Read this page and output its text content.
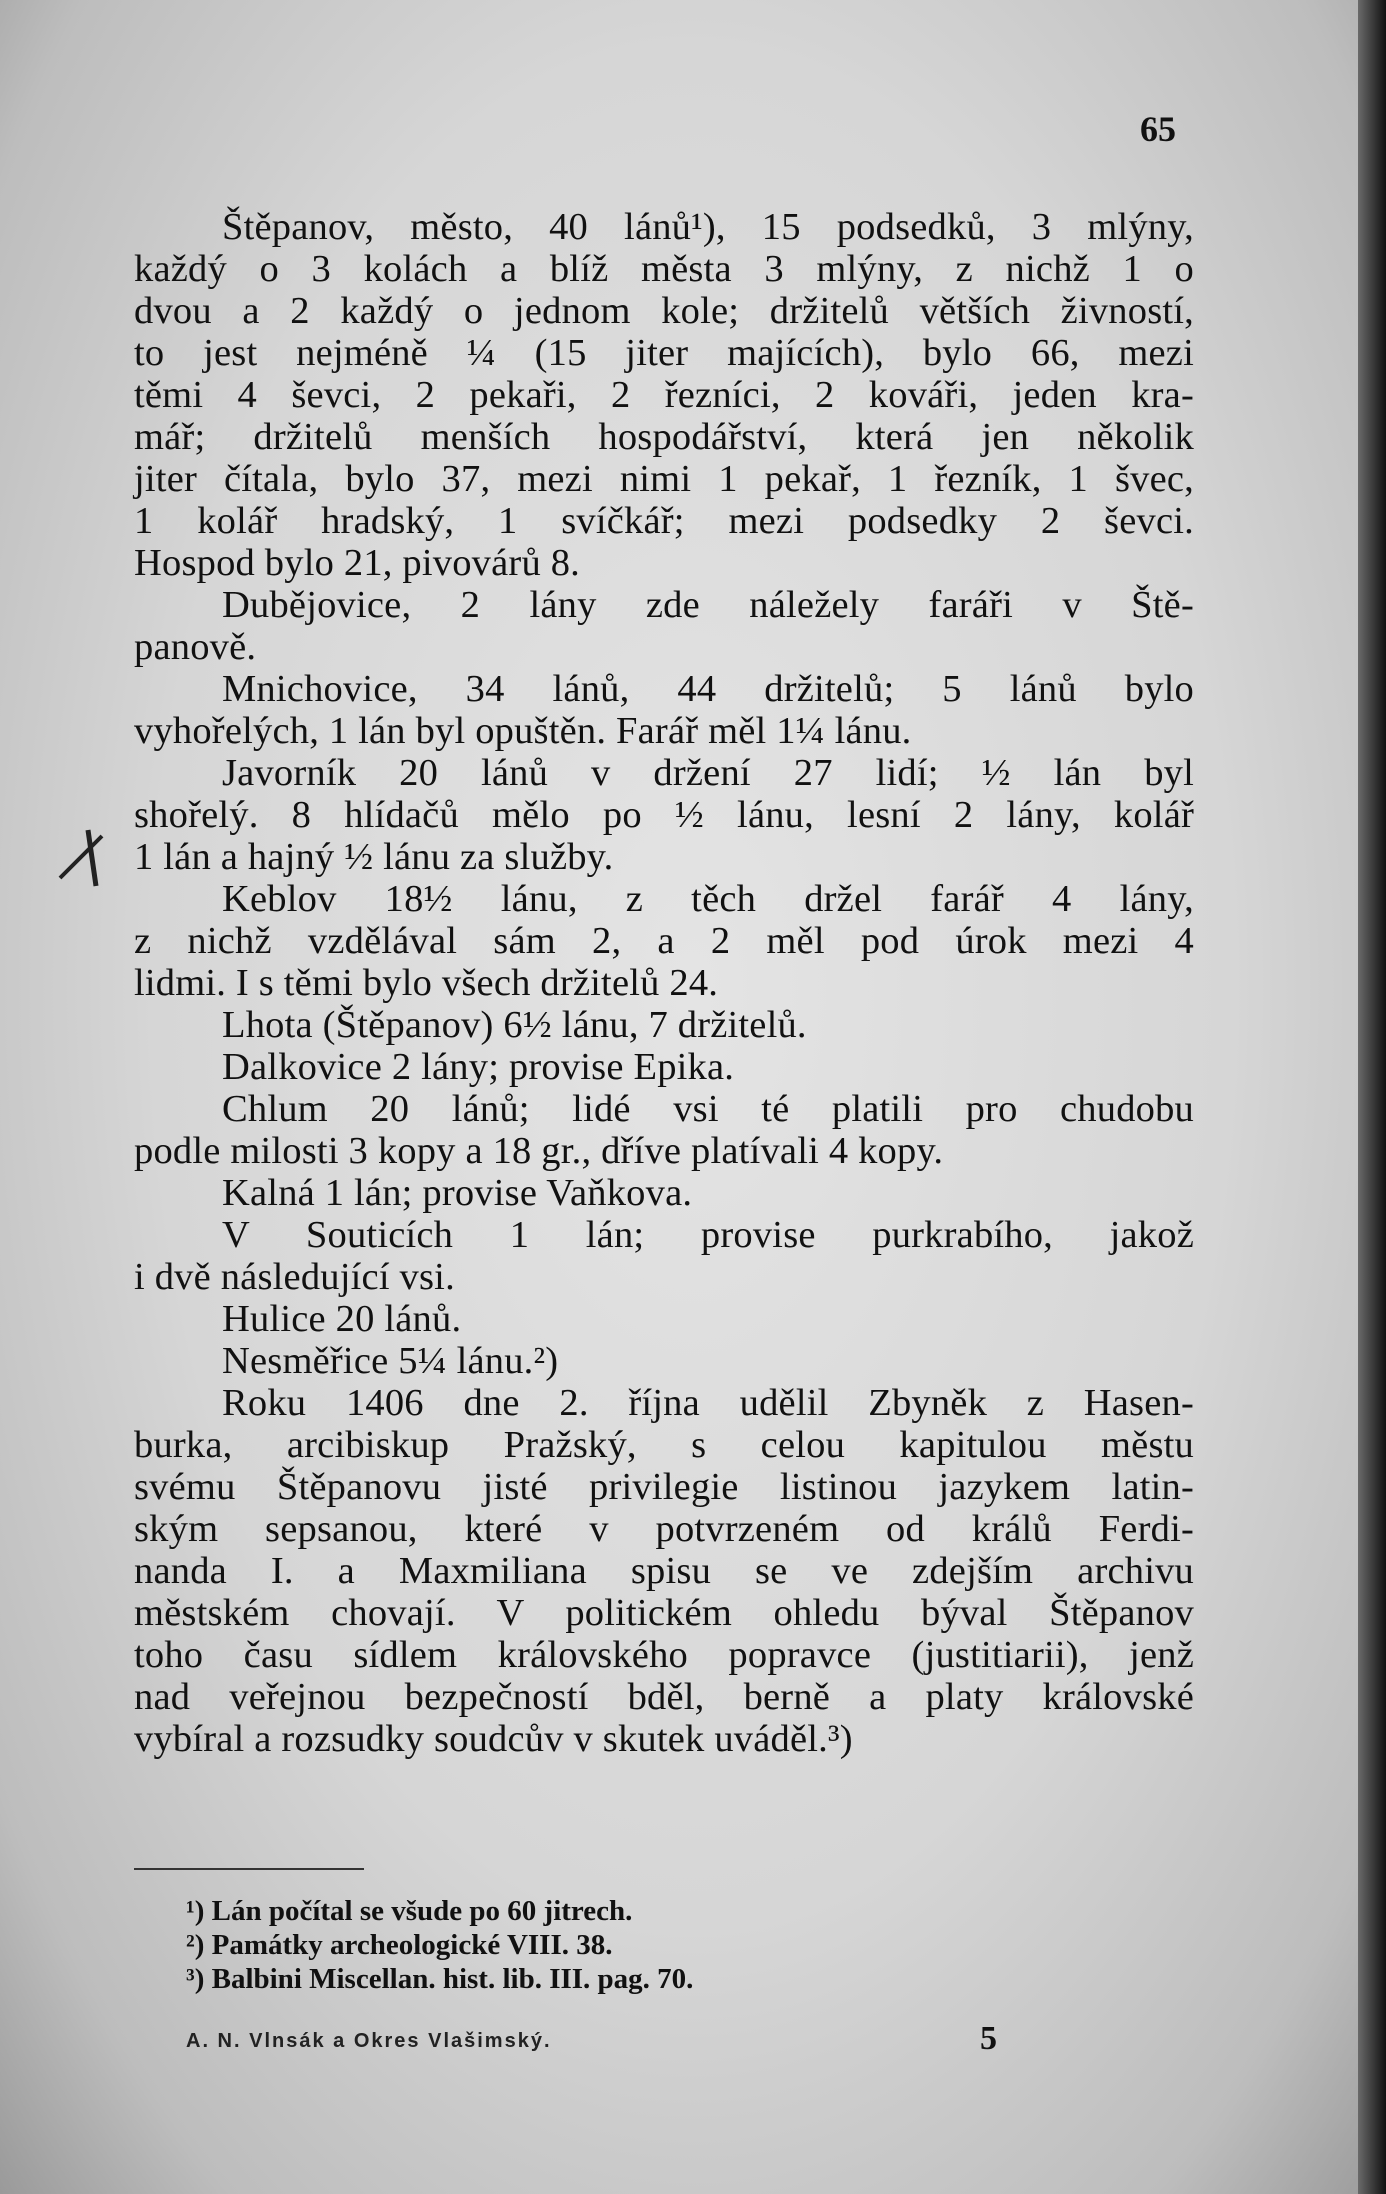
65
Štěpanov, město, 40 lánů¹), 15 podsedků, 3 mlýny,
každý o 3 kolách a blíž města 3 mlýny, z nichž 1 o
dvou a 2 každý o jednom kole; držitelů větších živností,
to jest nejméně ¼ (15 jiter majících), bylo 66, mezi
těmi 4 ševci, 2 pekaři, 2 řezníci, 2 kováři, jeden kra-
mář; držitelů menších hospodářství, která jen několik
jiter čítala, bylo 37, mezi nimi 1 pekař, 1 řezník, 1 švec,
1 kolář hradský, 1 svíčkář; mezi podsedky 2 ševci.
Hospod bylo 21, pivovárů 8.
Dubějovice, 2 lány zde náležely faráři v Ště-
panově.
Mnichovice, 34 lánů, 44 držitelů; 5 lánů bylo
vyhořelých, 1 lán byl opuštěn. Farář měl 1¼ lánu.
Javorník 20 lánů v držení 27 lidí; ½ lán byl
shořelý. 8 hlídačů mělo po ½ lánu, lesní 2 lány, kolář
1 lán a hajný ½ lánu za služby.
Keblov 18½ lánu, z těch držel farář 4 lány,
z nichž vzdělával sám 2, a 2 měl pod úrok mezi 4
lidmi. I s těmi bylo všech držitelů 24.
Lhota (Štěpanov) 6½ lánu, 7 držitelů.
Dalkovice 2 lány; provise Epika.
Chlum 20 lánů; lidé vsi té platili pro chudobu
podle milosti 3 kopy a 18 gr., dříve platívali 4 kopy.
Kalná 1 lán; provise Vaňkova.
V Souticích 1 lán; provise purkrabího, jakož
i dvě následující vsi.
Hulice 20 lánů.
Nesměřice 5¼ lánu.²)
Roku 1406 dne 2. října udělil Zbyněk z Hasen-
burka, arcibiskup Pražský, s celou kapitulou městu
svému Štěpanovu jisté privilegie listinou jazykem latin-
ským sepsanou, které v potvrzeném od králů Ferdi-
nanda I. a Maxmiliana spisu se ve zdejším archivu
městském chovají. V politickém ohledu býval Štěpanov
toho času sídlem královského popravce (justitiarii), jenž
nad veřejnou bezpečností bděl, berně a platy královské
vybíral a rozsudky soudcův v skutek uváděl.³)
¹) Lán počítal se všude po 60 jitrech.
²) Památky archeologické VIII. 38.
³) Balbini Miscellan. hist. lib. III. pag. 70.
A. N. Vlnsák a Okres Vlašimský.	5
